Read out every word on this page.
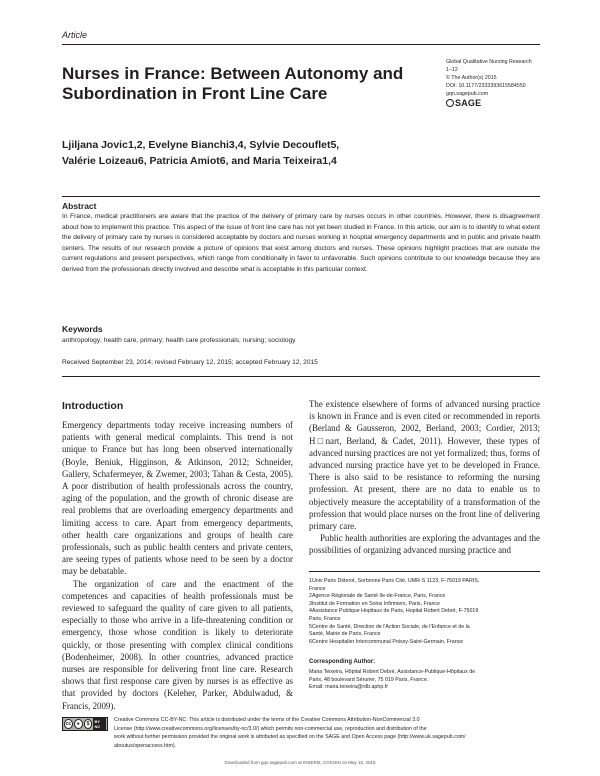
Article
Nurses in France: Between Autonomy and
Subordination in Front Line Care
Global Qualitative Nursing Research
1–12
© The Author(s) 2015
DOI: 10.1177/2333393615584550
gqn.sagepub.com
SAGE
Ljiljana Jovic1,2, Evelyne Bianchi3,4, Sylvie Decouflet5,
Valérie Loizeau6, Patricia Amiot6, and Maria Teixeira1,4
Abstract
In France, medical practitioners are aware that the practice of the delivery of primary care by nurses occurs in other countries. However, there is disagreement about how to implement this practice. This aspect of the issue of front line care has not yet been studied in France. In this article, our aim is to identify to what extent the delivery of primary care by nurses is considered acceptable by doctors and nurses working in hospital emergency departments and in public and private health centers. The results of our research provide a picture of opinions that exist among doctors and nurses. These opinions highlight practices that are outside the current regulations and present perspectives, which range from conditionally in favor to unfavorable. Such opinions contribute to our knowledge because they are derived from the professionals directly involved and describe what is acceptable in this particular context.
Keywords
anthropology; health care, primary; health care professionals; nursing; sociology
Received September 23, 2014; revised February 12, 2015; accepted February 12, 2015
Introduction

Emergency departments today receive increasing numbers of patients with general medical complaints. This trend is not unique to France but has long been observed internationally (Boyle, Beniuk, Higginson, & Atkinson, 2012; Schneider, Gallery, Schafermeyer, & Zwemer, 2003; Tahan & Cesta, 2005). A poor distribution of health professionals across the country, aging of the population, and the growth of chronic disease are real problems that are overloading emergency departments and limiting access to care. Apart from emergency departments, other health care organizations and groups of health care professionals, such as public health centers and private centers, are seeing types of patients whose need to be seen by a doctor may be debatable.

The organization of care and the enactment of the competences and capacities of health professionals must be reviewed to safeguard the quality of care given to all patients, especially to those who arrive in a life-threatening condition or emergency, those whose condition is likely to deteriorate quickly, or those presenting with complex clinical conditions (Bodenheimer, 2008). In other countries, advanced practice nurses are responsible for delivering front line care. Research shows that first response care given by nurses is as effective as that provided by doctors (Keleher, Parker, Abdulwadud, & Francis, 2009).

The existence elsewhere of forms of advanced nursing practice is known in France and is even cited or recommended in reports (Berland & Gausseron, 2002, Berland, 2003; Cordier, 2013; H□nart, Berland, & Cadet, 2011). However, these types of advanced nursing practices are not yet formalized; thus, forms of advanced nursing practice have yet to be developed in France. There is also said to be resistance to reforming the nursing profession. At present, there are no data to enable us to objectively measure the acceptability of a transformation of the profession that would place nurses on the front line of delivering primary care.

Public health authorities are exploring the advantages and the possibilities of organizing advanced nursing practice and

1Univ Paris Diderot, Sorbonne Paris Cité, UMR-S 1123, F-75019 PARIS,
France
2Agence Régionale de Santé Ile-de-France, Paris, France
3Institut de Formation en Soins Infirmiers, Paris, France
4Assistance Publique Hopitaux de Paris, Hopital Robert Debré, F-75019
Paris, France
5Centre de Santé, Direction de l'Action Sociale, de l'Enfance et de la
Santé, Mairie de Paris, France
6Centre Hospitalier Intercommunal Poissy-Saint-Germain, France
Corresponding Author:
Maria Teixeira, Hôpital Robert Debré, Assistance-Publique-Hôpitaux de
Paris, 48 boulevard Sérurier, 75 019 Paris, France.
Email: maria.teixeira@rdb.aphp.fr
cc	●	$	BY NC
Creative Commons CC-BY-NC: This article is distributed under the terms of the Creative Commons Attribution-NonCommercial 3.0
License (http://www.creativecommons.org/licenses/by-nc/3.0/) which permits non-commercial use, reproduction and distribution of the
work without further permission provided the original work is attributed as specified on the SAGE and Open Access page (http://www.uk.sagepub.com/
aboutus/openaccess.htm).
Downloaded from gqn.sagepub.com at INSERM, COCHIN on May 15, 2015
